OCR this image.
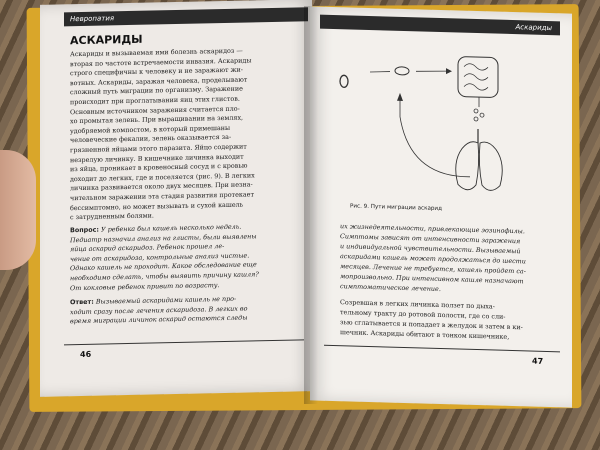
Невропатия
АСКАРИДЫ

Аскариды и вызываемая ими болезнь аскаридоз —

вторая по частоте встречаемости инвазия. Аскариды

строго специфичны к человеку и не заражают жи-

вотных. Аскариды, заражая человека, проделывают

сложный путь миграции по организму. Заражение

происходит при проглатывании яиц этих глистов.

Основным источником заражения считается пло-

хо промытая зелень. При выращивании на землях,

удобряемой компостом, в который примешаны

человеческие фекалии, зелень оказывается за-

грязненной яйцами этого паразита. Яйцо содержит

незрелую личинку. В кишечнике личинка выходит

из яйца, проникает в кровеносный сосуд и с кровью

доходит до легких, где и поселяется (рис. 9). В легких

личинка развивается около двух месяцев. При незна-

чительном заражении эта стадия развития протекает

бессимптомно, но может вызывать и сухой кашель

с затрудненным болями.

Вопрос: У ребенка был кашель несколько недель.

Педиатр назначил анализ на глисты, были выявлены

яйца аскарид аскаридоз. Ребенок прошел ле-

чение от аскаридоза, контрольные анализ чистые.

Однако кашель не проходит. Какое обследование еще

необходимо сделать, чтобы выявить причину кашля?

От кокловые ребенок привит по возрасту.

Ответ: Вызываемый аскаридами кашель не про-

ходит сразу после лечения аскаридоза. В легких во

время миграции личинок аскарид остаются следы

46
Аскариды
Рис. 9. Пути миграции аскарид

их жизнедеятельности, привлекающие эозинофилы.

Симптомы зависят от интенсивности заражения

и индивидуальной чувствительности. Вызываемый

аскаридами кашель может продолжаться до шести

месяцев. Лечение не требуется, кашель пройдет са-

мопроизвольно. При интенсивном кашле назначают

симптоматическое лечение.

Созревшая в легких личинка ползет по дыха-

тельному тракту до ротовой полости, где со сли-

зью сглатывается и попадает в желудок и затем в ки-

шечник. Аскариды обитают в тонком кишечнике,

47
